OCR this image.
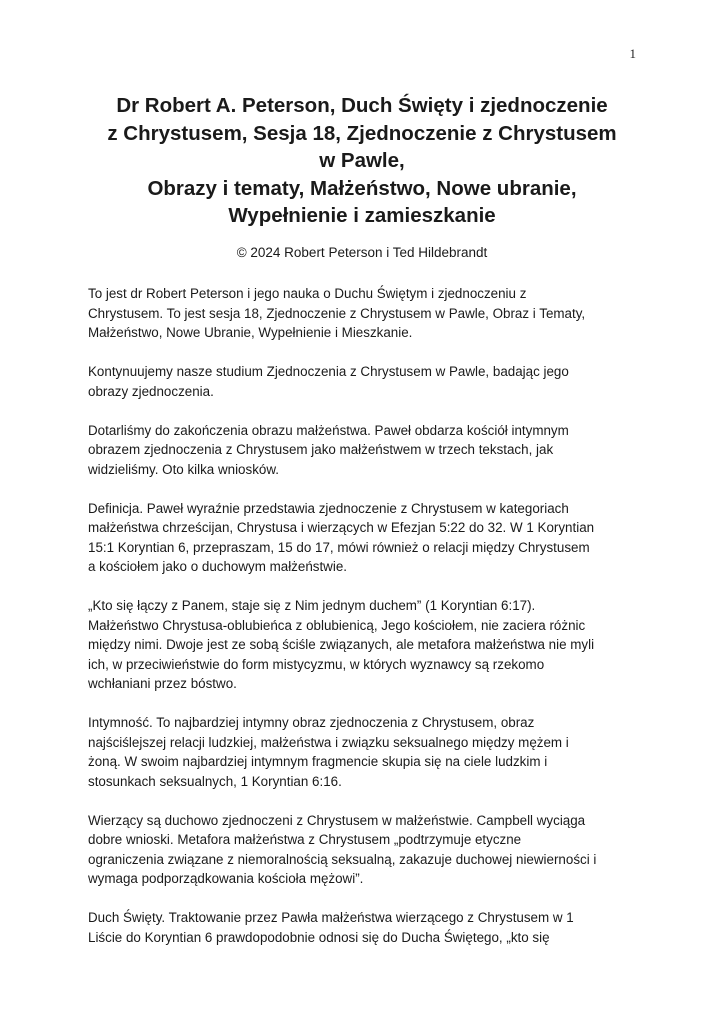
1
Dr Robert A. Peterson, Duch Święty i zjednoczenie
z Chrystusem, Sesja 18, Zjednoczenie z Chrystusem
w Pawle,
Obrazy i tematy, Małżeństwo, Nowe ubranie,
Wypełnienie i zamieszkanie
© 2024 Robert Peterson i Ted Hildebrandt

To jest dr Robert Peterson i jego nauka o Duchu Świętym i zjednoczeniu z
Chrystusem. To jest sesja 18, Zjednoczenie z Chrystusem w Pawle, Obraz i Tematy,
Małżeństwo, Nowe Ubranie, Wypełnienie i Mieszkanie.

Kontynuujemy nasze studium Zjednoczenia z Chrystusem w Pawle, badając jego
obrazy zjednoczenia.

Dotarliśmy do zakończenia obrazu małżeństwa. Paweł obdarza kościół intymnym
obrazem zjednoczenia z Chrystusem jako małżeństwem w trzech tekstach, jak
widzieliśmy. Oto kilka wniosków.

Definicja. Paweł wyraźnie przedstawia zjednoczenie z Chrystusem w kategoriach
małżeństwa chrześcijan, Chrystusa i wierzących w Efezjan 5:22 do 32. W 1 Koryntian
15:1 Koryntian 6, przepraszam, 15 do 17, mówi również o relacji między Chrystusem
a kościołem jako o duchowym małżeństwie.

„Kto się łączy z Panem, staje się z Nim jednym duchem” (1 Koryntian 6:17).
Małżeństwo Chrystusa-oblubieńca z oblubienicą, Jego kościołem, nie zaciera różnic
między nimi. Dwoje jest ze sobą ściśle związanych, ale metafora małżeństwa nie myli
ich, w przeciwieństwie do form mistycyzmu, w których wyznawcy są rzekomo
wchłaniani przez bóstwo.

Intymność. To najbardziej intymny obraz zjednoczenia z Chrystusem, obraz
najściślejszej relacji ludzkiej, małżeństwa i związku seksualnego między mężem i
żoną. W swoim najbardziej intymnym fragmencie skupia się na ciele ludzkim i
stosunkach seksualnych, 1 Koryntian 6:16.

Wierzący są duchowo zjednoczeni z Chrystusem w małżeństwie. Campbell wyciąga
dobre wnioski. Metafora małżeństwa z Chrystusem „podtrzymuje etyczne
ograniczenia związane z niemoralnością seksualną, zakazuje duchowej niewierności i
wymaga podporządkowania kościoła mężowi”.

Duch Święty. Traktowanie przez Pawła małżeństwa wierzącego z Chrystusem w 1
Liście do Koryntian 6 prawdopodobnie odnosi się do Ducha Świętego, „kto się
